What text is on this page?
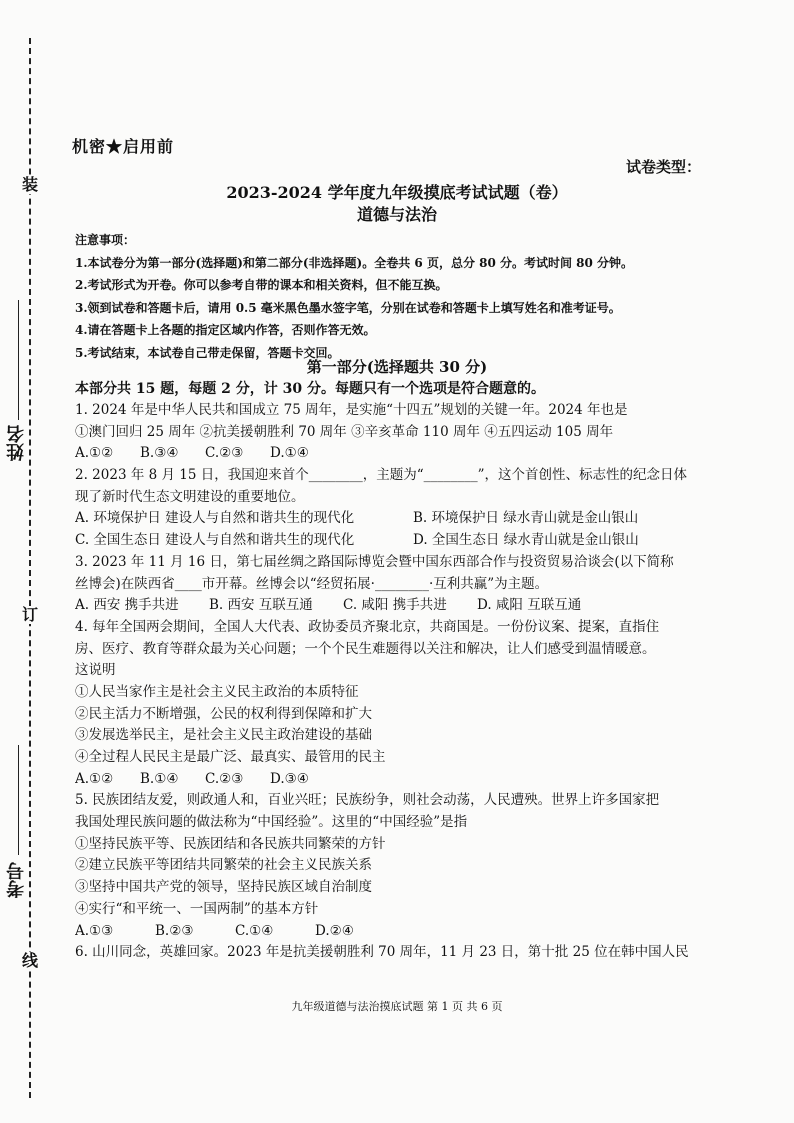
装
订
线
姓名
考号
机密★启用前
试卷类型：
2023-2024 学年度九年级摸底考试试题（卷）
道德与法治
注意事项：
1.本试卷分为第一部分(选择题)和第二部分(非选择题)。全卷共 6 页，总分 80 分。考试时间 80 分钟。
2.考试形式为开卷。你可以参考自带的课本和相关资料，但不能互换。
3.领到试卷和答题卡后，请用 0.5 毫米黑色墨水签字笔，分别在试卷和答题卡上填写姓名和准考证号。
4.请在答题卡上各题的指定区域内作答，否则作答无效。
5.考试结束，本试卷自己带走保留，答题卡交回。
第一部分(选择题共 30 分)
本部分共 15 题，每题 2 分，计 30 分。每题只有一个选项是符合题意的。
1. 2024 年是中华人民共和国成立 75 周年，是实施“十四五”规划的关键一年。2024 年也是
①澳门回归 25 周年 ②抗美援朝胜利 70 周年 ③辛亥革命 110 周年 ④五四运动 105 周年
A.①②	B.③④	C.②③	D.①④
2. 2023 年 8 月 15 日，我国迎来首个________，主题为“________”，这个首创性、标志性的纪念日体
现了新时代生态文明建设的重要地位。
A. 环境保护日 建设人与自然和谐共生的现代化	B. 环境保护日 绿水青山就是金山银山
C. 全国生态日 建设人与自然和谐共生的现代化	D. 全国生态日 绿水青山就是金山银山
3. 2023 年 11 月 16 日，第七届丝绸之路国际博览会暨中国东西部合作与投资贸易洽谈会(以下简称
丝博会)在陕西省____市开幕。丝博会以“经贸拓展·________·互利共赢”为主题。
A. 西安 携手共进	B. 西安 互联互通	C. 咸阳 携手共进	D. 咸阳 互联互通
4. 每年全国两会期间，全国人大代表、政协委员齐聚北京，共商国是。一份份议案、提案，直指住
房、医疗、教育等群众最为关心问题；一个个民生难题得以关注和解决，让人们感受到温情暖意。
这说明
①人民当家作主是社会主义民主政治的本质特征
②民主活力不断增强，公民的权利得到保障和扩大
③发展选举民主，是社会主义民主政治建设的基础
④全过程人民民主是最广泛、最真实、最管用的民主
A.①②	B.①④	C.②③	D.③④
5. 民族团结友爱，则政通人和，百业兴旺；民族纷争，则社会动荡，人民遭殃。世界上许多国家把
我国处理民族问题的做法称为“中国经验”。这里的“中国经验”是指
①坚持民族平等、民族团结和各民族共同繁荣的方针
②建立民族平等团结共同繁荣的社会主义民族关系
③坚持中国共产党的领导，坚持民族区域自治制度
④实行“和平统一、一国两制”的基本方针
A.①③	B.②③	C.①④	D.②④
6. 山川同念，英雄回家。2023 年是抗美援朝胜利 70 周年，11 月 23 日，第十批 25 位在韩中国人民
九年级道德与法治摸底试题 第 1 页 共 6 页
